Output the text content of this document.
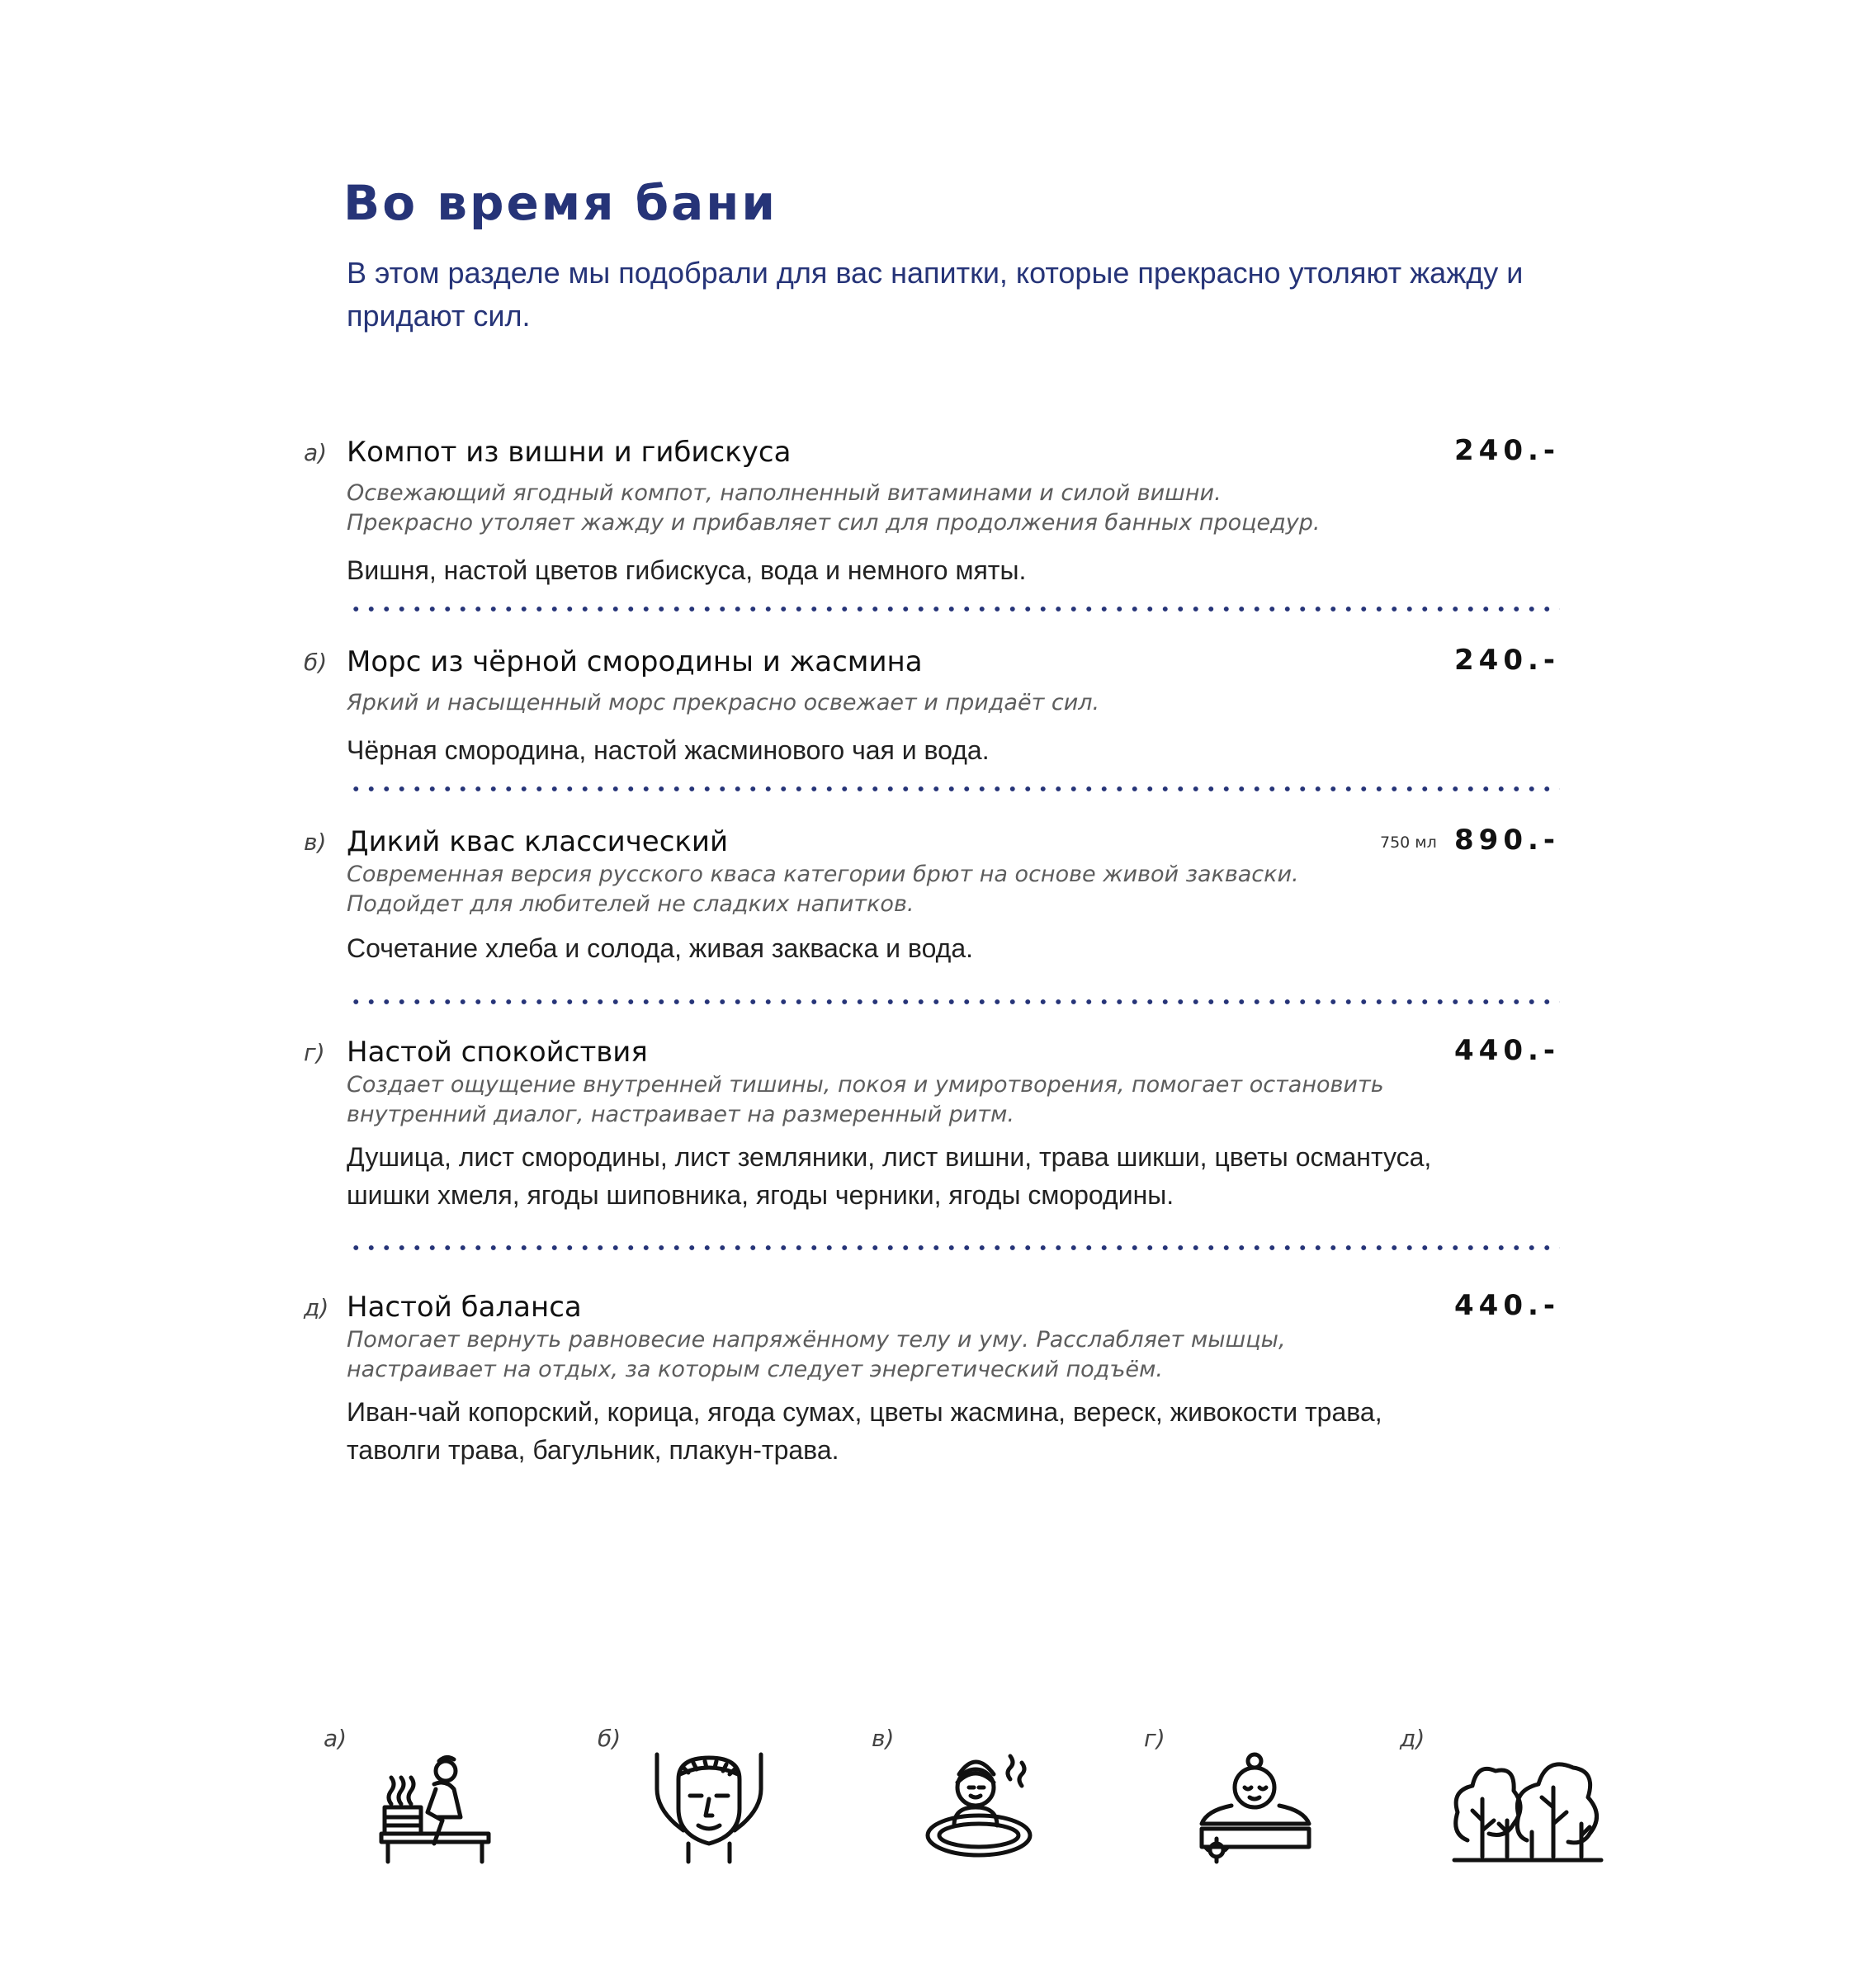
Во время бани

В этом разделе мы подобрали для вас напитки, которые прекрасно утоляют жажду и придают сил.

а) Компот из вишни и гибискуса	240.-

Освежающий ягодный компот, наполненный витаминами и силой вишни.
Прекрасно утоляет жажду и прибавляет сил для продолжения банных процедур.

Вишня, настой цветов гибискуса, вода и немного мяты.

б) Морс из чёрной смородины и жасмина	240.-

Яркий и насыщенный морс прекрасно освежает и придаёт сил.

Чёрная смородина, настой жасминового чая и вода.

в) Дикий квас классический	750 мл 890.-

Современная версия русского кваса категории брют на основе живой закваски.
Подойдет для любителей не сладких напитков.

Сочетание хлеба и солода, живая закваска и вода.

г) Настой спокойствия	440.-

Создает ощущение внутренней тишины, покоя и умиротворения, помогает остановить
внутренний диалог, настраивает на размеренный ритм.

Душица, лист смородины, лист земляники, лист вишни, трава шикши, цветы османтуса,
шишки хмеля, ягоды шиповника, ягоды черники, ягоды смородины.

д) Настой баланса	440.-

Помогает вернуть равновесие напряжённому телу и уму. Расслабляет мышцы,
настраивает на отдых, за которым следует энергетический подъём.

Иван-чай копорский, корица, ягода сумах, цветы жасмина, вереск, живокости трава,
таволги трава, багульник, плакун-трава.

а)	б)	в)	г)	д)
